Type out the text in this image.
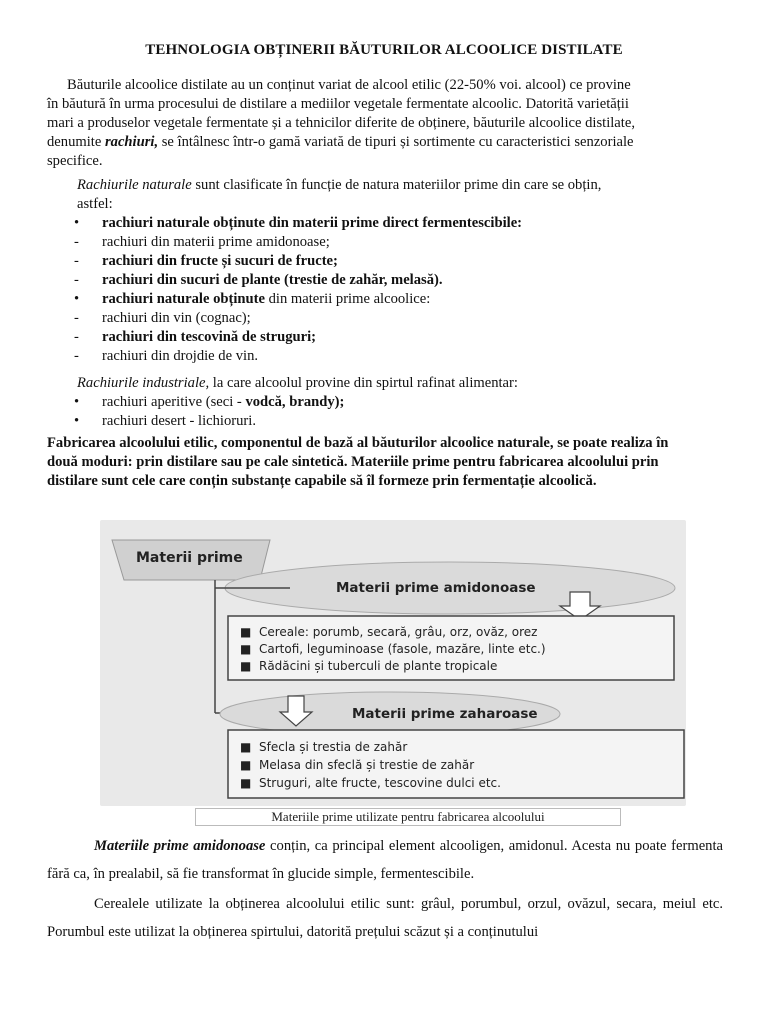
TEHNOLOGIA OBȚINERII BĂUTURILOR ALCOOLICE DISTILATE
Băuturile alcoolice distilate au un conținut variat de alcool etilic (22-50% voi. alcool) ce provine
în băutură în urma procesului de distilare a mediilor vegetale fermentate alcoolic. Datorită varietății
mari a produselor vegetale fermentate și a tehnicilor diferite de obținere, băuturile alcoolice distilate,
denumite rachiuri, se întâlnesc într-o gamă variată de tipuri și sortimente cu caracteristici senzoriale
specifice.
Rachiurile naturale sunt clasificate în funcție de natura materiilor prime din care se obțin,
astfel:
• rachiuri naturale obținute din materii prime direct fermentescibile:
- rachiuri din materii prime amidonoase;
- rachiuri din fructe și sucuri de fructe;
- rachiuri din sucuri de plante (trestie de zahăr, melasă).
• rachiuri naturale obținute din materii prime alcoolice:
- rachiuri din vin (cognac);
- rachiuri din tescovină de struguri;
- rachiuri din drojdie de vin.
Rachiurile industriale, la care alcoolul provine din spirtul rafinat alimentar:
• rachiuri aperitive (seci - vodcă, brandy);
• rachiuri desert - lichioruri.
Fabricarea alcoolului etilic, componentul de bază al băuturilor alcoolice naturale, se poate realiza în
două moduri: prin distilare sau pe cale sintetică. Materiile prime pentru fabricarea alcoolului prin
distilare sunt cele care conțin substanțe capabile să îl formeze prin fermentație alcoolică.
Materii prime
Materii prime amidonoase
■ Cereale: porumb, secară, grâu, orz, ovăz, orez
■ Cartofi, leguminoase (fasole, mazăre, linte etc.)
■ Rădăcini și tuberculi de plante tropicale
Materii prime zaharoase
■ Sfecla și trestia de zahăr
■ Melasa din sfeclă și trestie de zahăr
■ Struguri, alte fructe, tescovine dulci etc.
Materiile prime utilizate pentru fabricarea alcoolului
Materiile prime amidonoase conțin, ca principal element alcooligen, amidonul. Acesta nu poate fermenta fără ca, în prealabil, să fie transformat în glucide simple, fermentescibile.
Cerealele utilizate la obținerea alcoolului etilic sunt: grâul, porumbul, orzul, ovăzul, secara, meiul etc. Porumbul este utilizat la obținerea spirtului, datorită prețului scăzut și a conținutului
